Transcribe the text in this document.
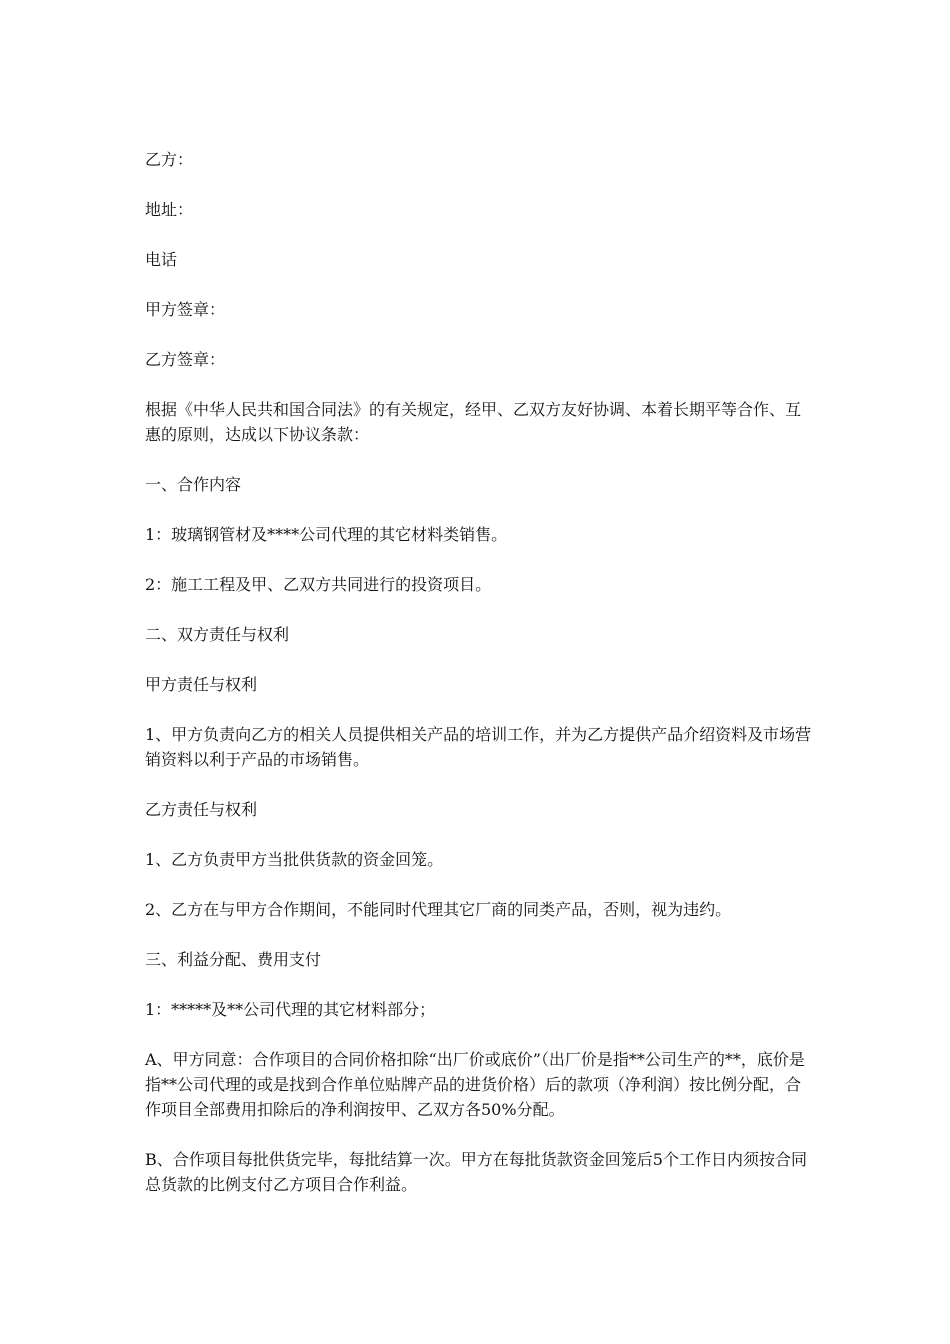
乙方：

地址：

电话

甲方签章：

乙方签章：

根据《中华人民共和国合同法》的有关规定，经甲、乙双方友好协调、本着长期平等合作、互惠的原则，达成以下协议条款：

一、合作内容

1：玻璃钢管材及****公司代理的其它材料类销售。

2：施工工程及甲、乙双方共同进行的投资项目。

二、双方责任与权利

甲方责任与权利

1、甲方负责向乙方的相关人员提供相关产品的培训工作，并为乙方提供产品介绍资料及市场营销资料以利于产品的市场销售。

乙方责任与权利

1、乙方负责甲方当批供货款的资金回笼。

2、乙方在与甲方合作期间，不能同时代理其它厂商的同类产品，否则，视为违约。

三、利益分配、费用支付

1：*****及**公司代理的其它材料部分；

A、甲方同意：合作项目的合同价格扣除“出厂价或底价”（出厂价是指**公司生产的**，底价是指**公司代理的或是找到合作单位贴牌产品的进货价格）后的款项（净利润）按比例分配，合作项目全部费用扣除后的净利润按甲、乙双方各50%分配。

B、合作项目每批供货完毕，每批结算一次。甲方在每批货款资金回笼后5个工作日内须按合同总货款的比例支付乙方项目合作利益。
